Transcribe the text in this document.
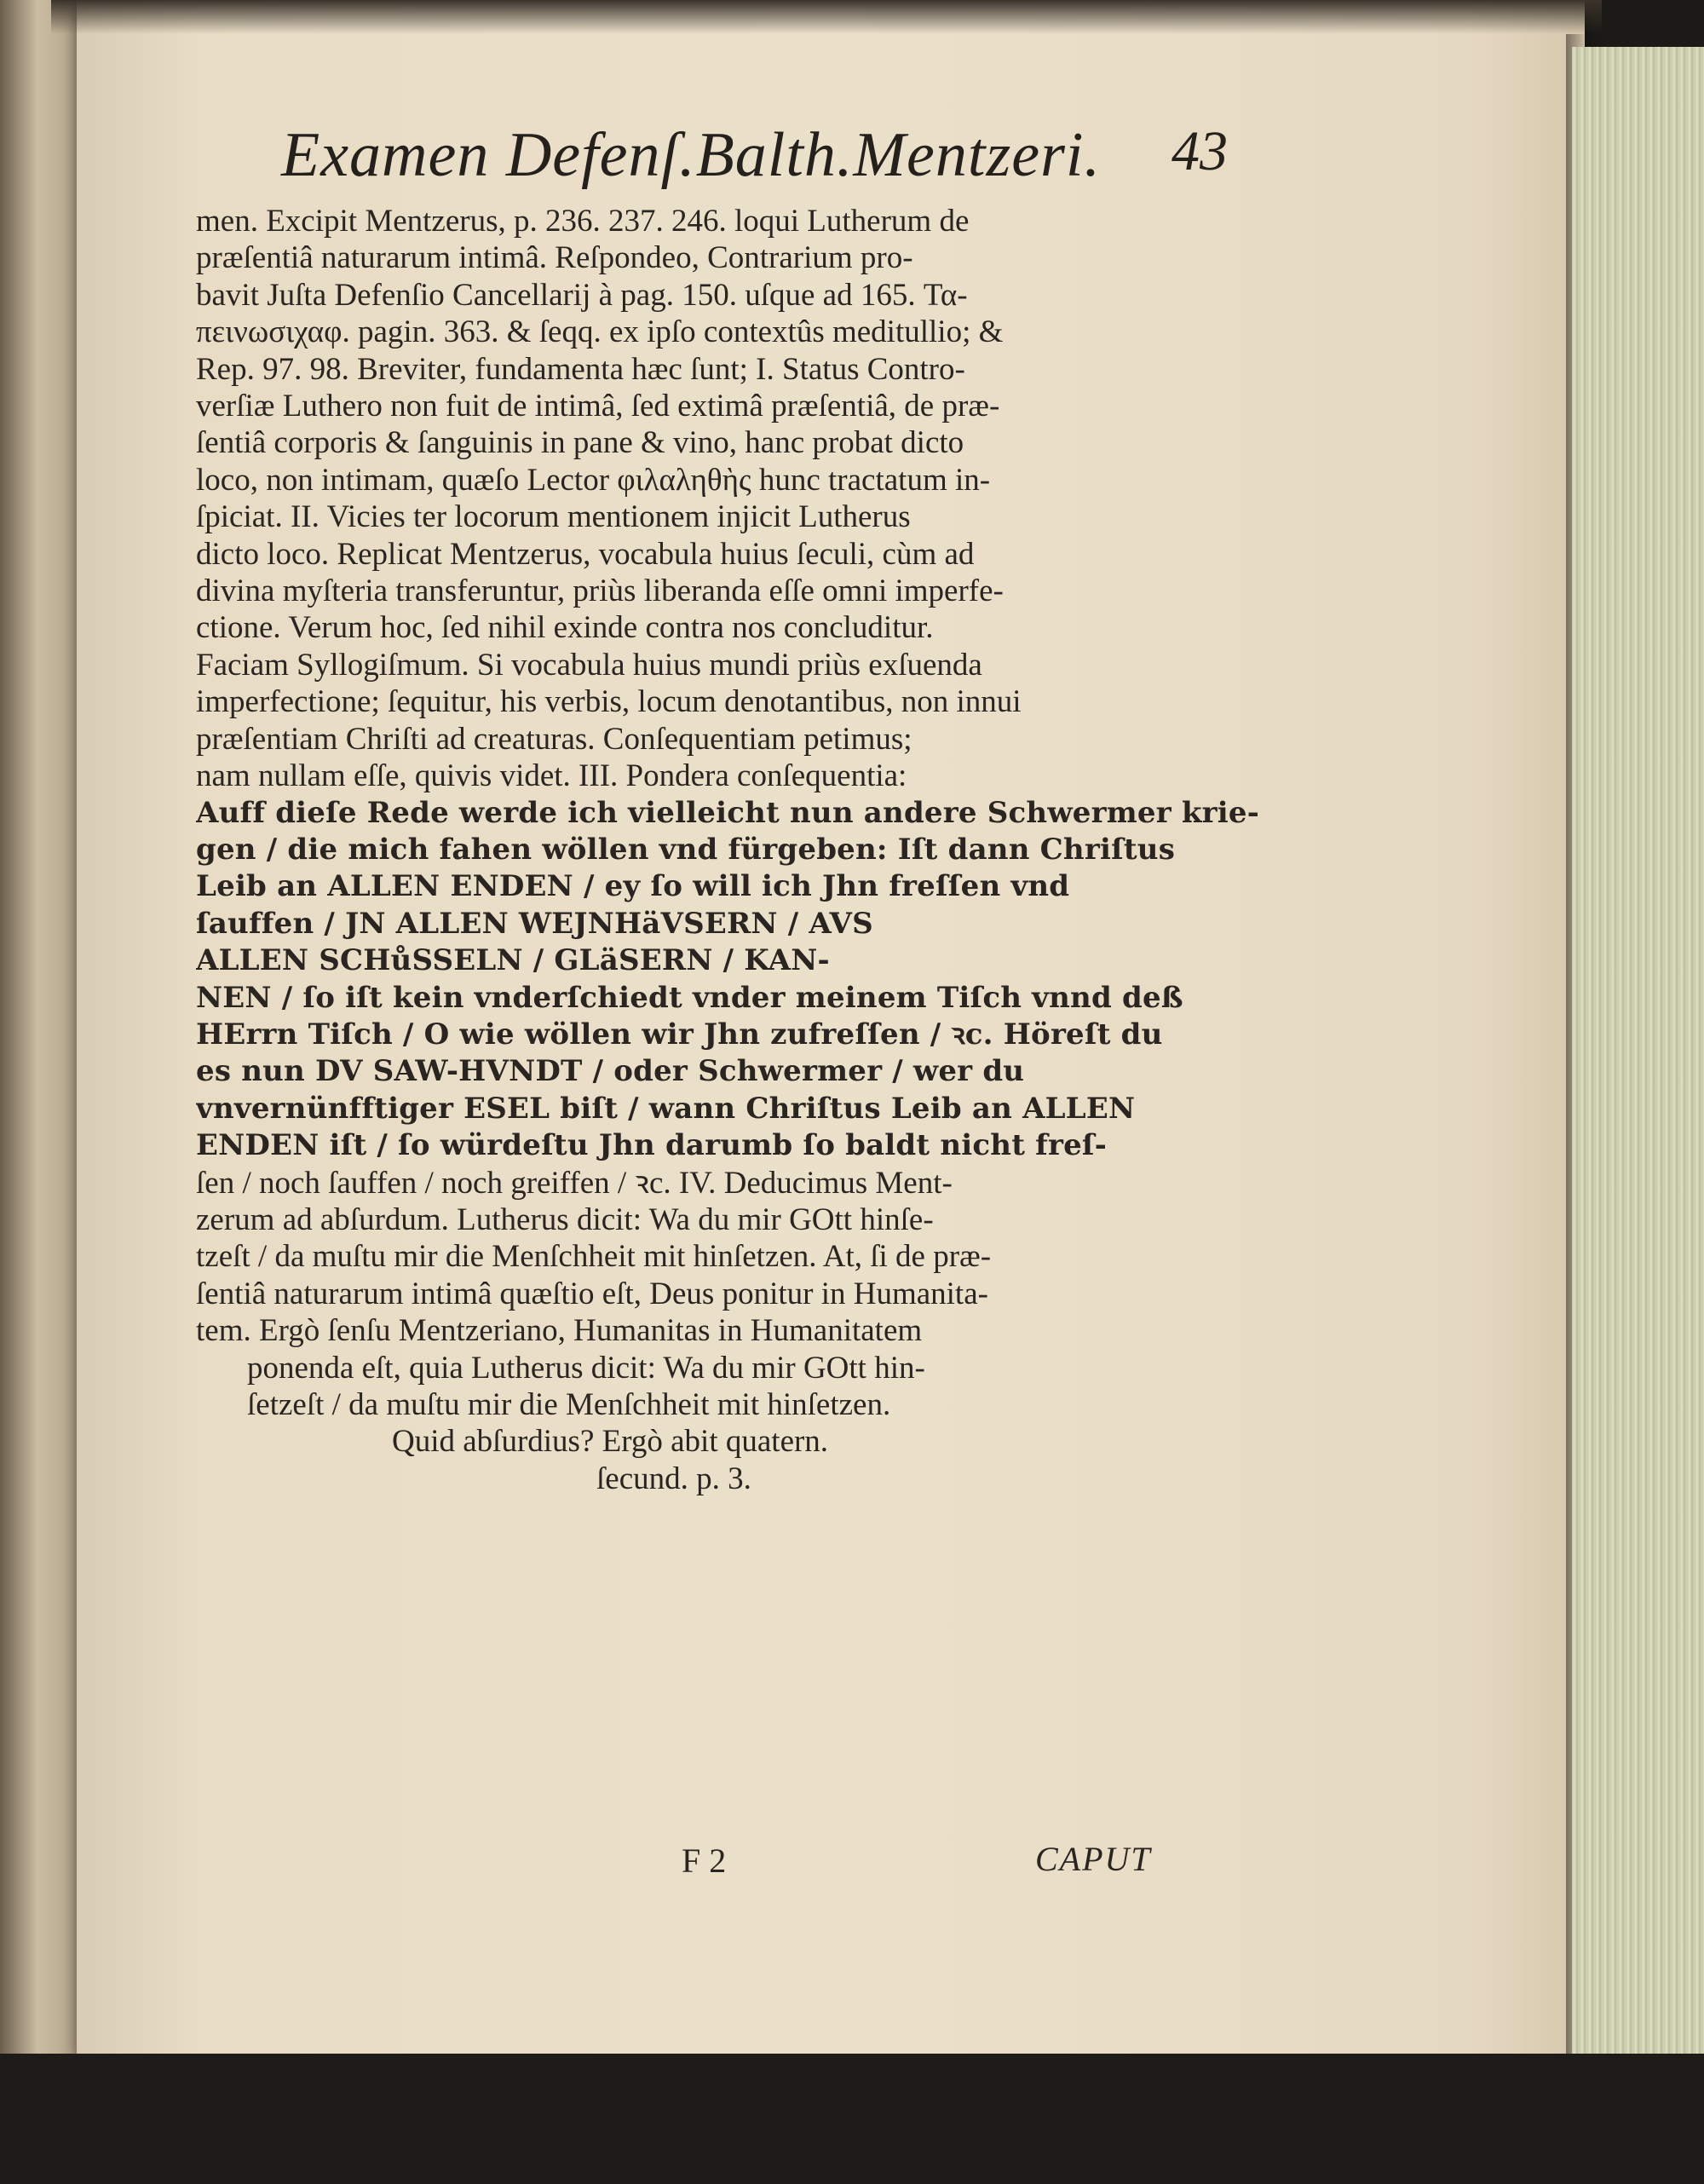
Examen Defenſ.Balth.Mentzeri.	43
men. Excipit Mentzerus, p. 236. 237. 246. loqui Lutherum de
præſentiâ naturarum intimâ. Reſpondeo, Contrarium pro-
bavit Juſta Defenſio Cancellarij à pag. 150. uſque ad 165. Τα-
πεινωσιχαφ. pagin. 363. & ſeqq. ex ipſo contextûs meditullio; &
Rep. 97. 98. Breviter, fundamenta hæc ſunt; I. Status Contro-
verſiæ Luthero non fuit de intimâ, ſed extimâ præſentiâ, de præ-
ſentiâ corporis & ſanguinis in pane & vino, hanc probat dicto
loco, non intimam, quæſo Lector φιλαληθὴς hunc tractatum in-
ſpiciat. II. Vicies ter locorum mentionem injicit Lutherus
dicto loco. Replicat Mentzerus, vocabula huius ſeculi, cùm ad
divina myſteria transferuntur, priùs liberanda eſſe omni imperfe-
ctione. Verum hoc, ſed nihil exinde contra nos concluditur.
Faciam Syllogiſmum. Si vocabula huius mundi priùs exſuenda
imperfectione; ſequitur, his verbis, locum denotantibus, non innui
præſentiam Chriſti ad creaturas. Conſequentiam petimus;
nam nullam eſſe, quivis videt. III. Pondera conſequentia:
Auff dieſe Rede werde ich vielleicht nun andere Schwermer krie-
gen / die mich fahen wöllen vnd fürgeben: Iſt dann Chriſtus
Leib an ALLEN ENDEN / ey ſo will ich Jhn freſſen vnd
ſauffen / JN ALLEN WEJNHäVSERN / AVS
ALLEN SCHůSSELN / GLäSERN / KAN-
NEN / ſo iſt kein vnderſchiedt vnder meinem Tiſch vnnd deß
HErrn Tiſch / O wie wöllen wir Jhn zufreſſen / ꝛc. Höreſt du
es nun DV SAW-HVNDT / oder Schwermer / wer du
vnvernünfftiger ESEL biſt / wann Chriſtus Leib an ALLEN
ENDEN iſt / ſo würdeſtu Jhn darumb ſo baldt nicht freſ-
ſen / noch ſauffen / noch greiffen / ꝛc. IV. Deducimus Ment-
zerum ad abſurdum. Lutherus dicit: Wa du mir GOtt hinſe-
tzeſt / da muſtu mir die Menſchheit mit hinſetzen. At, ſi de præ-
ſentiâ naturarum intimâ quæſtio eſt, Deus ponitur in Humanita-
tem. Ergò ſenſu Mentzeriano, Humanitas in Humanitatem
ponenda eſt, quia Lutherus dicit: Wa du mir GOtt hin-
ſetzeſt / da muſtu mir die Menſchheit mit hinſetzen.
Quid abſurdius? Ergò abit quatern.
ſecund. p. 3.
F 2	CAPUT
